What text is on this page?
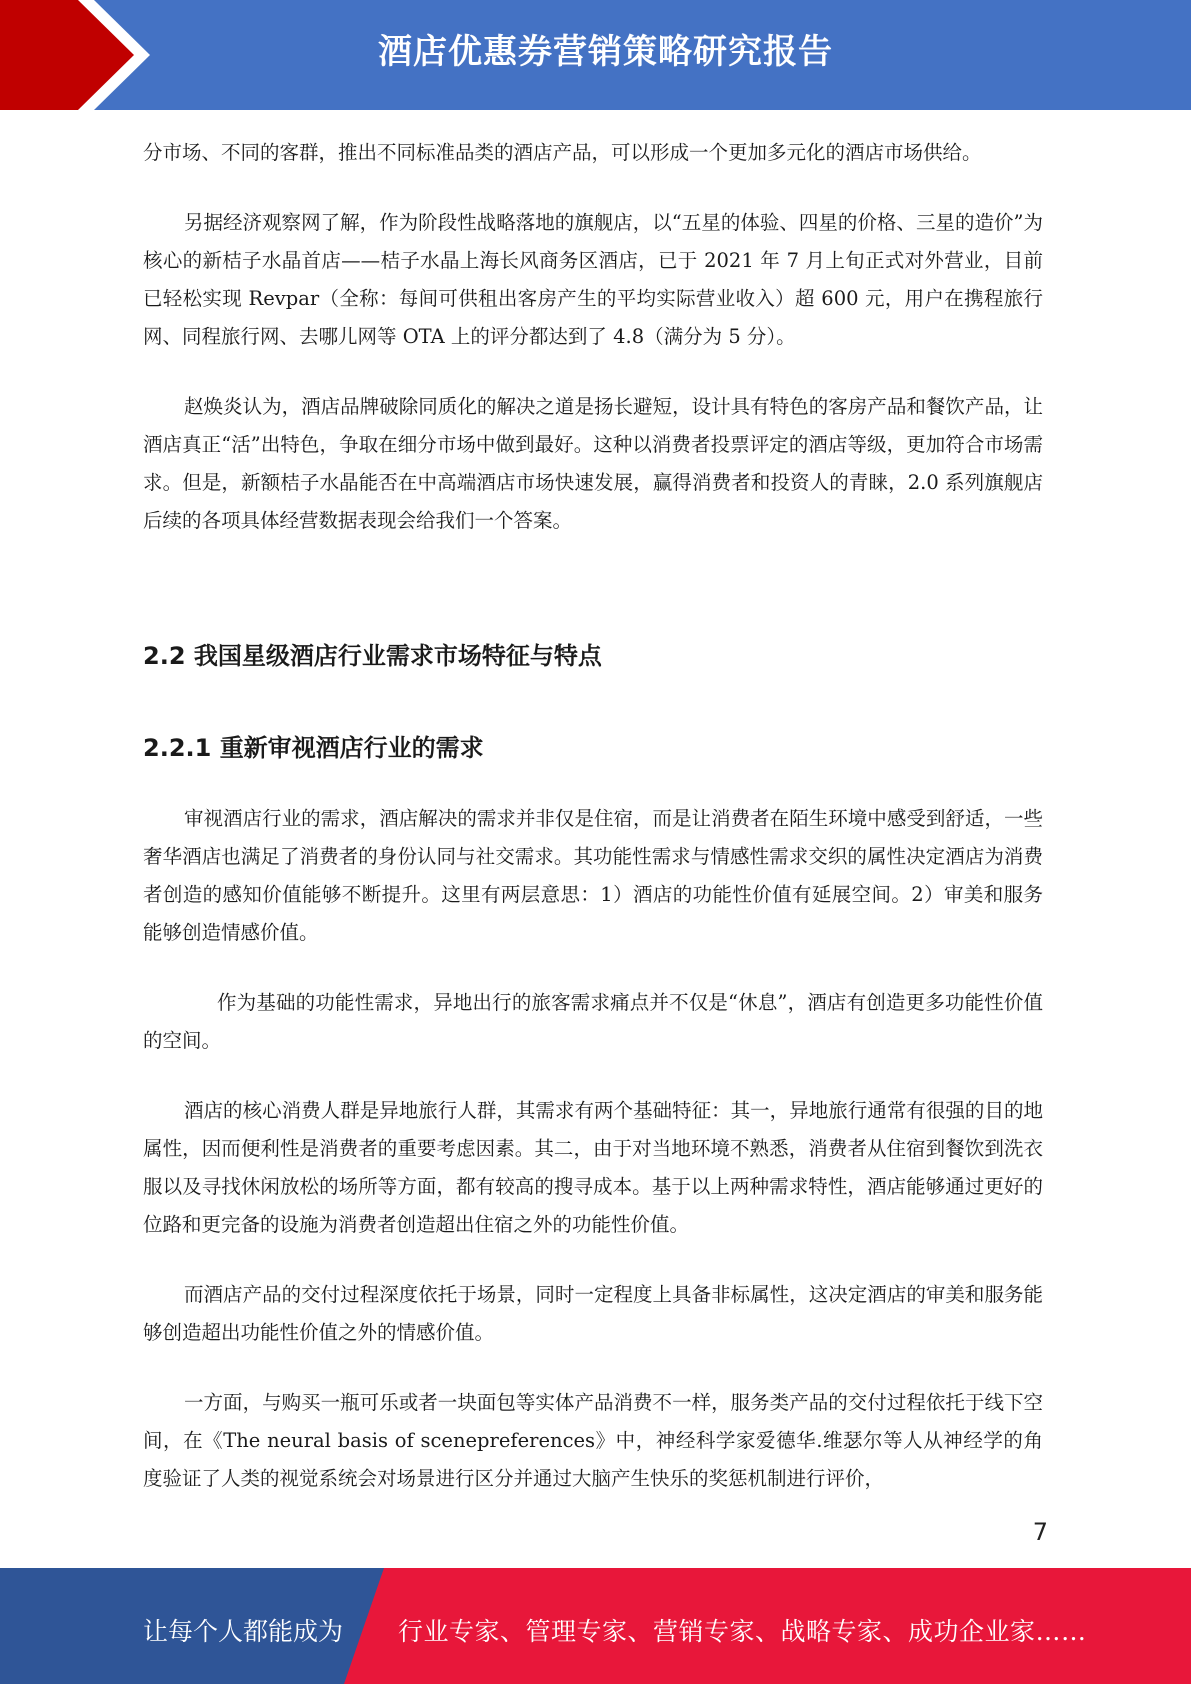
酒店优惠券营销策略研究报告

分市场、不同的客群，推出不同标准品类的酒店产品，可以形成一个更加多元化的酒店市场供给。

另据经济观察网了解，作为阶段性战略落地的旗舰店，以“五星的体验、四星的价格、三星的造价”为核心的新桔子水晶首店——桔子水晶上海长风商务区酒店，已于 2021 年 7 月上旬正式对外营业，目前已轻松实现 Revpar（全称：每间可供租出客房产生的平均实际营业收入）超 600 元，用户在携程旅行网、同程旅行网、去哪儿网等 OTA 上的评分都达到了 4.8（满分为 5 分）。

赵焕炎认为，酒店品牌破除同质化的解决之道是扬长避短，设计具有特色的客房产品和餐饮产品，让酒店真正“活”出特色，争取在细分市场中做到最好。这种以消费者投票评定的酒店等级，更加符合市场需求。但是，新额桔子水晶能否在中高端酒店市场快速发展，赢得消费者和投资人的青睐，2.0 系列旗舰店后续的各项具体经营数据表现会给我们一个答案。

2.2 我国星级酒店行业需求市场特征与特点
2.2.1 重新审视酒店行业的需求

审视酒店行业的需求，酒店解决的需求并非仅是住宿，而是让消费者在陌生环境中感受到舒适，一些奢华酒店也满足了消费者的身份认同与社交需求。其功能性需求与情感性需求交织的属性决定酒店为消费者创造的感知价值能够不断提升。这里有两层意思：1）酒店的功能性价值有延展空间。2）审美和服务能够创造情感价值。

作为基础的功能性需求，异地出行的旅客需求痛点并不仅是“休息”，酒店有创造更多功能性价值的空间。

酒店的核心消费人群是异地旅行人群，其需求有两个基础特征：其一，异地旅行通常有很强的目的地属性，因而便利性是消费者的重要考虑因素。其二，由于对当地环境不熟悉，消费者从住宿到餐饮到洗衣服以及寻找休闲放松的场所等方面，都有较高的搜寻成本。基于以上两种需求特性，酒店能够通过更好的位路和更完备的设施为消费者创造超出住宿之外的功能性价值。

而酒店产品的交付过程深度依托于场景，同时一定程度上具备非标属性，这决定酒店的审美和服务能够创造超出功能性价值之外的情感价值。

一方面，与购买一瓶可乐或者一块面包等实体产品消费不一样，服务类产品的交付过程依托于线下空间，在《The neural basis of scenepreferences》中，神经科学家爱德华.维瑟尔等人从神经学的角度验证了人类的视觉系统会对场景进行区分并通过大脑产生快乐的奖惩机制进行评价，

7
让每个人都能成为 行业专家、管理专家、营销专家、战略专家、成功企业家……
